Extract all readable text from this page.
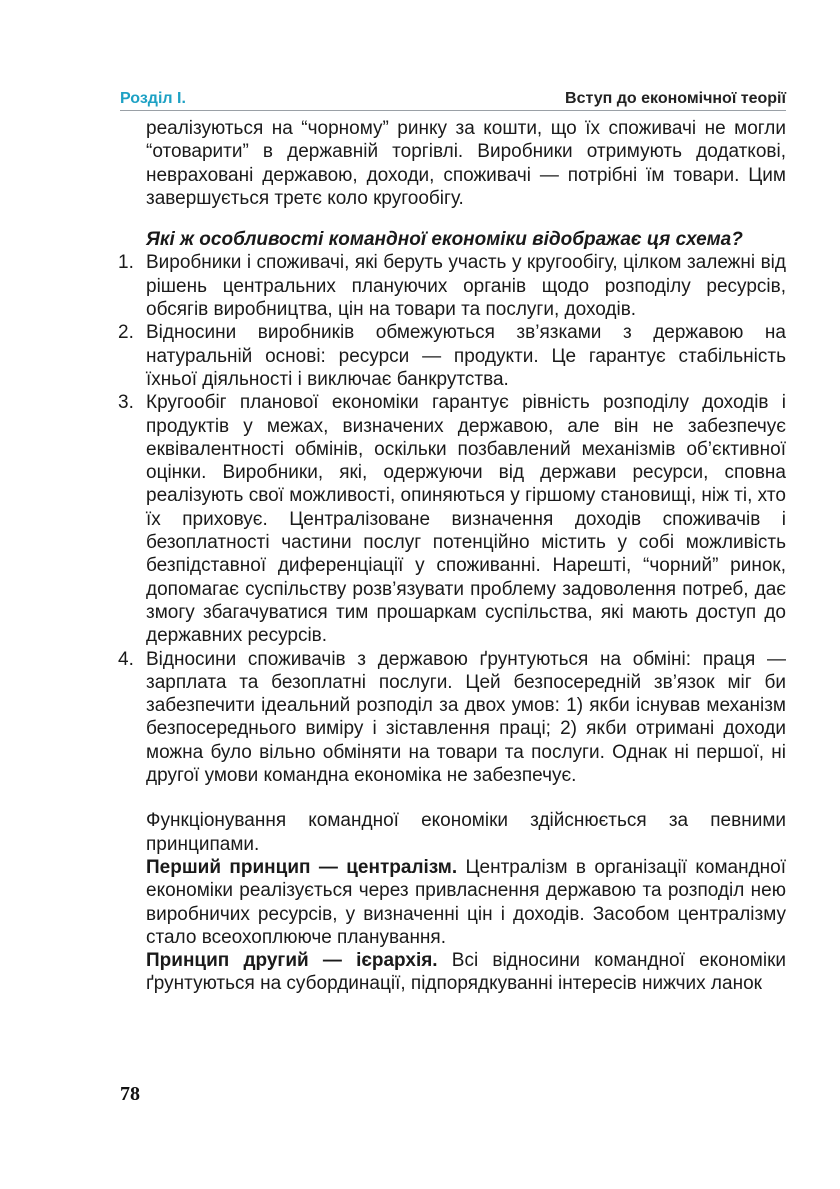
Розділ I.	Вступ до економічної теорії

реалізуються на “чорному” ринку за кошти, що їх споживачі не могли “отоварити” в державній торгівлі. Виробники отримують додаткові, невраховані державою, доходи, споживачі — потрібні їм товари. Цим завершується третє коло кругообігу.

Які ж особливості командної економіки відображає ця схема?

1. Виробники і споживачі, які беруть участь у кругообігу, цілком залежні від рішень центральних плануючих органів щодо розподілу ресурсів, обсягів виробництва, цін на товари та послуги, доходів.
2. Відносини виробників обмежуються зв’язками з державою на натуральній основі: ресурси — продукти. Це гарантує стабільність їхньої діяльності і виключає банкрутства.
3. Кругообіг планової економіки гарантує рівність розподілу доходів і продуктів у межах, визначених державою, але він не забезпечує еквівалентності обмінів, оскільки позбавлений механізмів об’єктивної оцінки. Виробники, які, одержуючи від держави ресурси, сповна реалізують свої можливості, опиняються у гіршому становищі, ніж ті, хто їх приховує. Централізоване визначення доходів споживачів і безоплатності частини послуг потенційно містить у собі можливість безпідставної диференціації у споживанні. Нарешті, “чорний” ринок, допомагає суспільству розв’язувати проблему задоволення потреб, дає змогу збагачуватися тим прошаркам суспільства, які мають доступ до державних ресурсів.
4. Відносини споживачів з державою ґрунтуються на обміні: праця — зарплата та безоплатні послуги. Цей безпосередній зв’язок міг би забезпечити ідеальний розподіл за двох умов: 1) якби існував механізм безпосереднього виміру і зіставлення праці; 2) якби отримані доходи можна було вільно обміняти на товари та послуги. Однак ні першої, ні другої умови командна економіка не забезпечує.

Функціонування командної економіки здійснюється за певними принципами.

Перший принцип — централізм. Централізм в організації командної економіки реалізується через привласнення державою та розподіл нею виробничих ресурсів, у визначенні цін і доходів. Засобом централізму стало всеохоплююче планування.

Принцип другий — ієрархія. Всі відносини командної економіки ґрунтуються на субординації, підпорядкуванні інтересів нижчих ланок

78
